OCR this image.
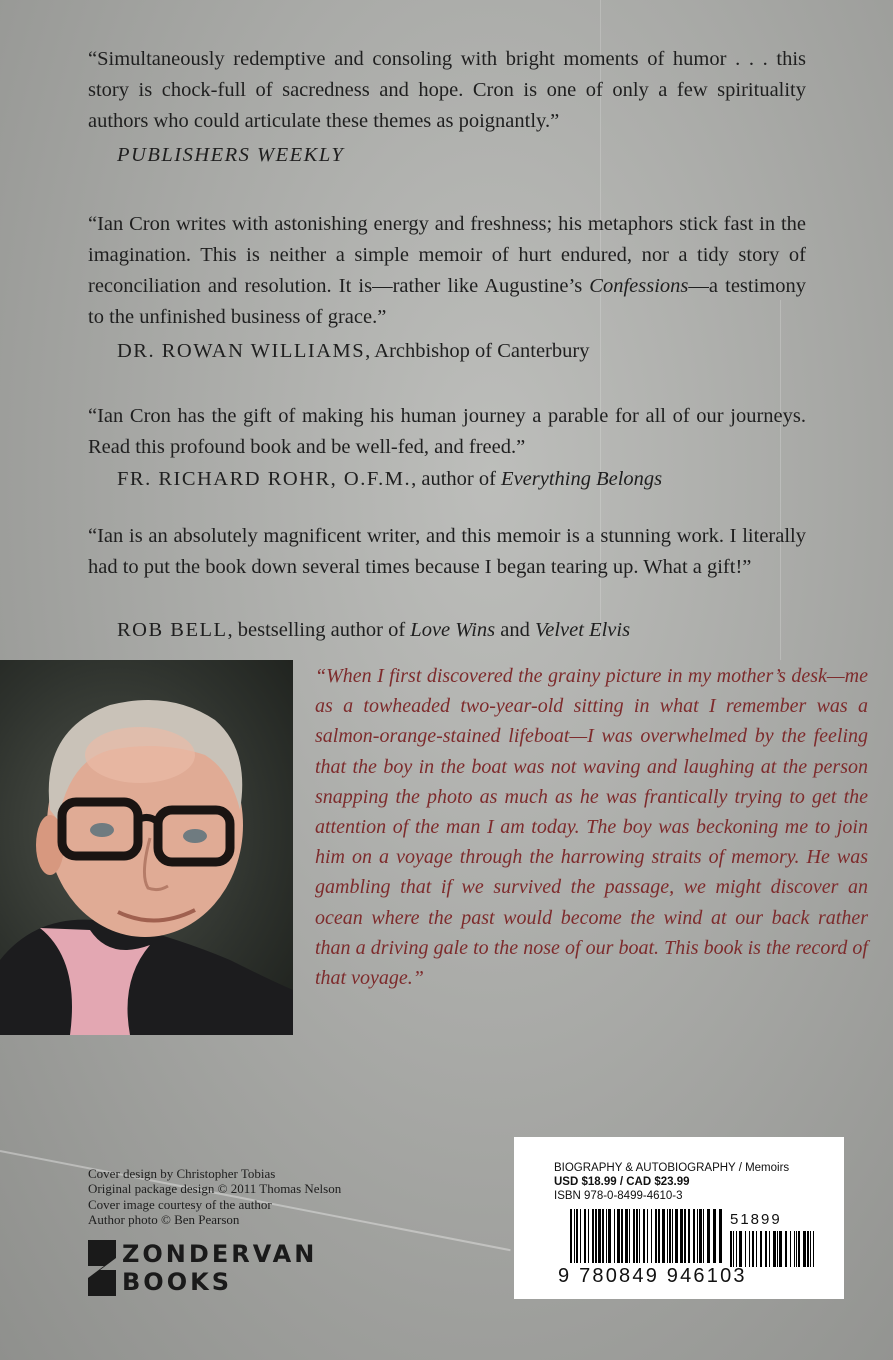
“Simultaneously redemptive and consoling with bright moments of humor . . . this story is chock-full of sacredness and hope. Cron is one of only a few spirituality authors who could articulate these themes as poignantly.”
PUBLISHERS WEEKLY
“Ian Cron writes with astonishing energy and freshness; his metaphors stick fast in the imagination. This is neither a simple memoir of hurt endured, nor a tidy story of reconciliation and resolution. It is—rather like Augustine’s Confessions—a testimony to the unfinished business of grace.”
DR. ROWAN WILLIAMS, Archbishop of Canterbury
“Ian Cron has the gift of making his human journey a parable for all of our journeys. Read this profound book and be well-fed, and freed.”
FR. RICHARD ROHR, O.F.M., author of Everything Belongs
“Ian is an absolutely magnificent writer, and this memoir is a stunning work. I literally had to put the book down several times because I began tearing up. What a gift!”
ROB BELL, bestselling author of Love Wins and Velvet Elvis
“When I first discovered the grainy picture in my mother’s desk—me as a towheaded two-year-old sitting in what I remember was a salmon-orange-stained lifeboat—I was overwhelmed by the feeling that the boy in the boat was not waving and laughing at the person snapping the photo as much as he was frantically trying to get the attention of the man I am today. The boy was beckoning me to join him on a voyage through the harrowing straits of memory. He was gambling that if we survived the passage, we might discover an ocean where the past would become the wind at our back rather than a driving gale to the nose of our boat. This book is the record of that voyage.”
Cover design by Christopher Tobias
Original package design © 2011 Thomas Nelson
Cover image courtesy of the author
Author photo © Ben Pearson
ZONDERVAN
BOOKS
BIOGRAPHY & AUTOBIOGRAPHY / Memoirs
USD $18.99 / CAD $23.99
ISBN 978-0-8499-4610-3
51899
9 780849 946103
